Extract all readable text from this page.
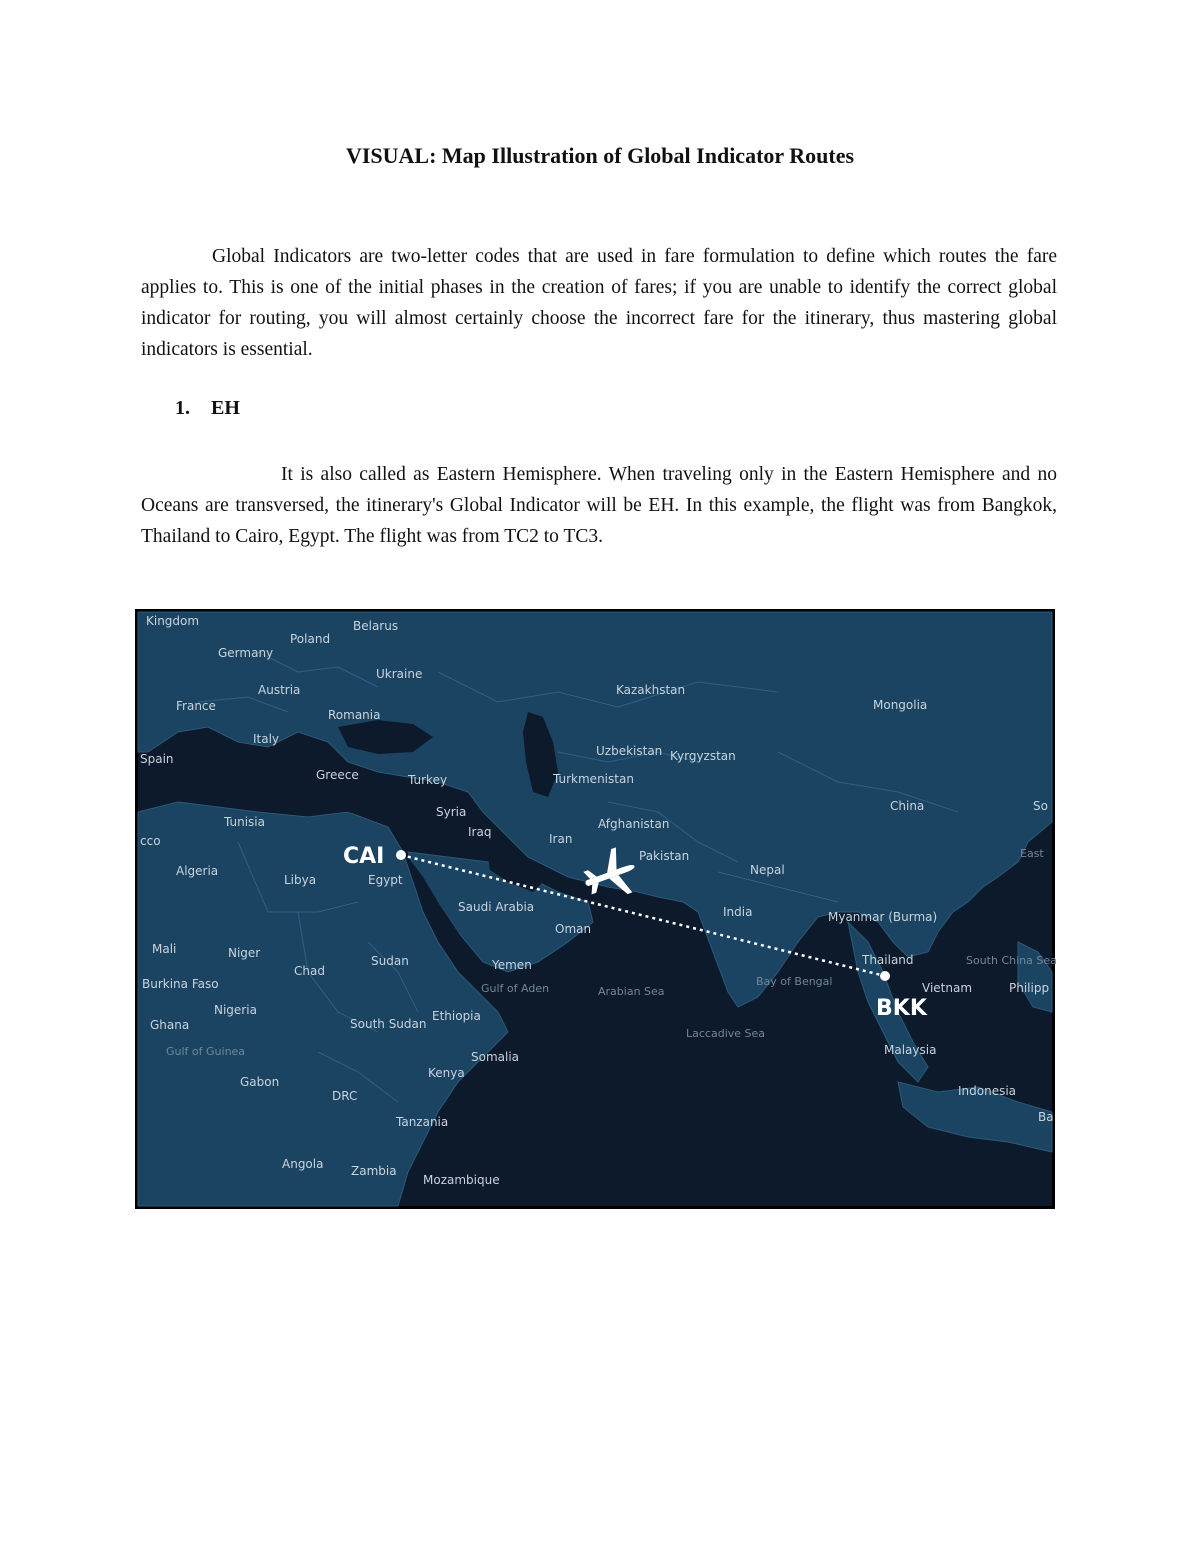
VISUAL: Map Illustration of Global Indicator Routes

Global Indicators are two-letter codes that are used in fare formulation to define which routes the fare applies to. This is one of the initial phases in the creation of fares; if you are unable to identify the correct global indicator for routing, you will almost certainly choose the incorrect fare for the itinerary, thus mastering global indicators is essential.

1. EH

It is also called as Eastern Hemisphere. When traveling only in the Eastern Hemisphere and no Oceans are transversed, the itinerary's Global Indicator will be EH. In this example, the flight was from Bangkok, Thailand to Cairo, Egypt. The flight was from TC2 to TC3.

Kingdom	Belarus
Poland
Germany
Ukraine
Austria	Kazakhstan
France
Romania
Mongolia
Italy
Spain
Uzbekistan Kyrgyzstan
Greece	Turkey	Turkmenistan
Syria	China	So
Tunisia
Iraq
Afghanistan
cco	Iran
East
Pakistan
Algeria
Libya	Egypt
Nepal
Saudi Arabia	India	Myanmar (Burma)
Oman
Mali	Niger
Sudan	Thailand	South China Sea
Chad	Yemen
Burkina Faso	Gulf of Aden	Arabian Sea
Bay of Bengal	Vietnam	Philipp
Nigeria	Ethiopia
Ghana	South Sudan
Laccadive Sea
Gulf of Guinea	Somalia	Malaysia
Kenya
Gabon
DRC	Indonesia
Ba
Tanzania
Angola Zambia
Mozambique
CAI
BKK
